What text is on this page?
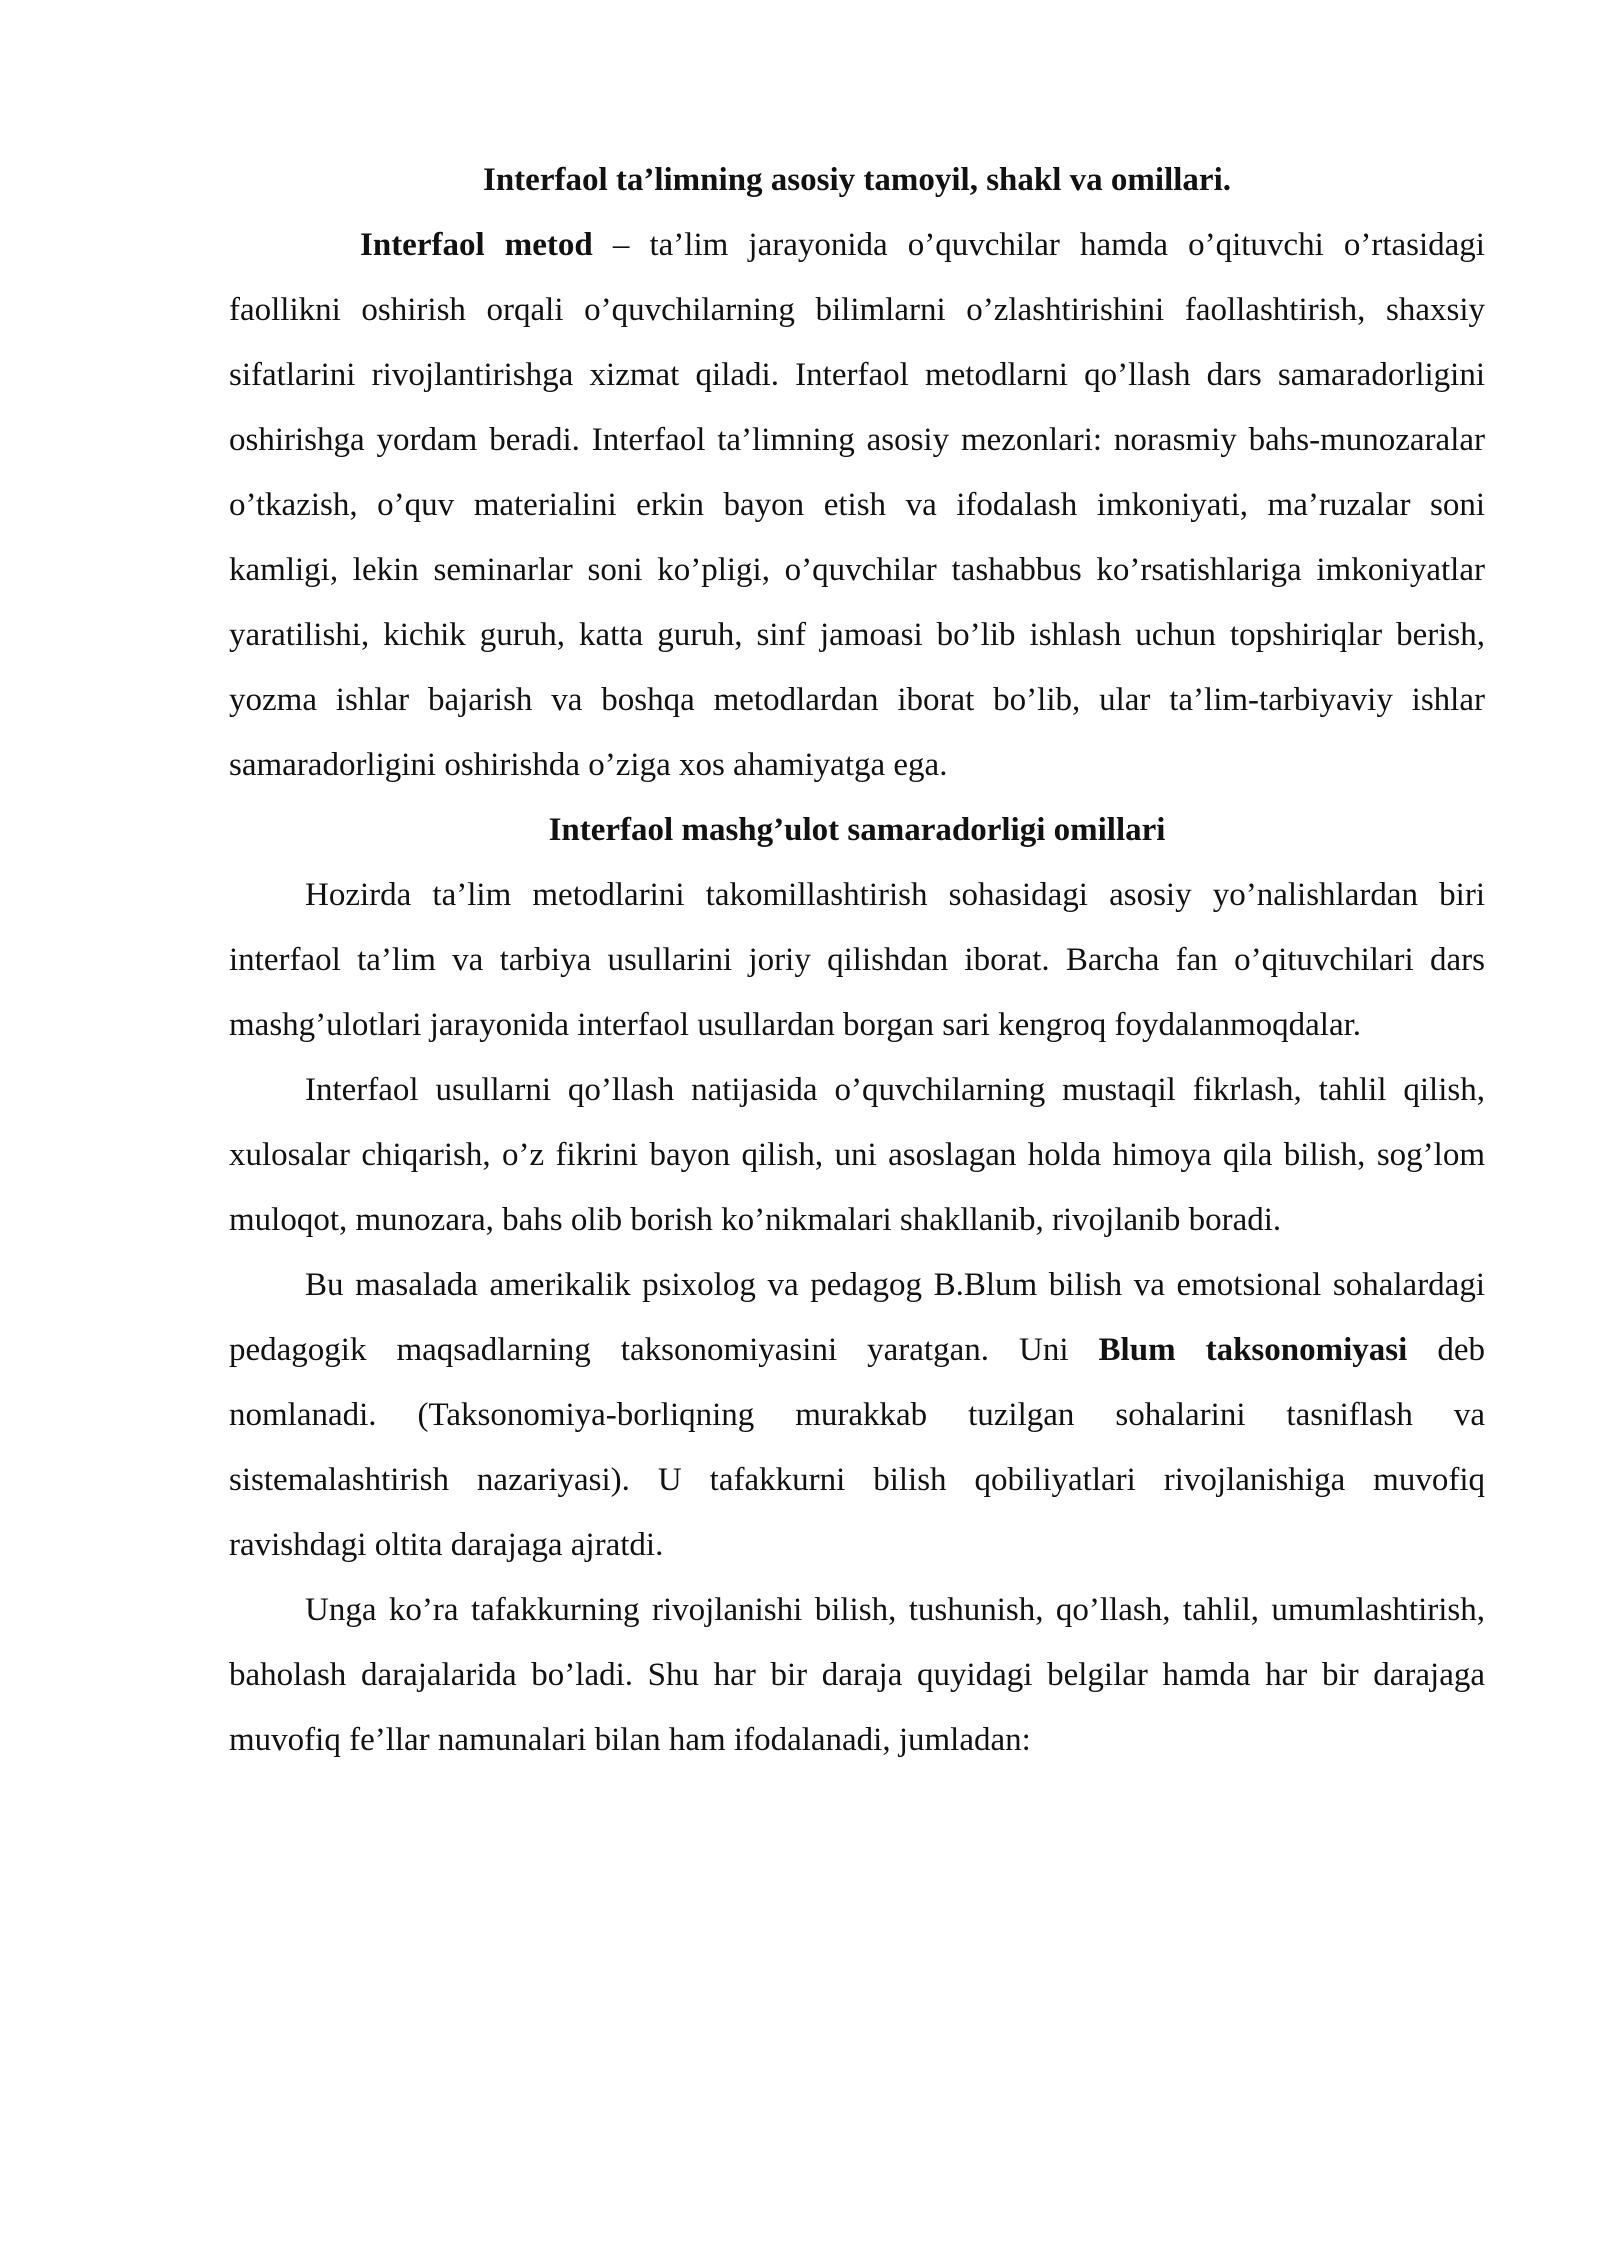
Interfaol ta’limning asosiy tamoyil, shakl va omillari.

Interfaol metod – ta’lim jarayonida o’quvchilar hamda o’qituvchi o’rtasidagi faollikni oshirish orqali o’quvchilarning bilimlarni o’zlashtirishini faollashtirish, shaxsiy sifatlarini rivojlantirishga xizmat qiladi. Interfaol metodlarni qo’llash dars samaradorligini oshirishga yordam beradi. Interfaol ta’limning asosiy mezonlari: norasmiy bahs-munozaralar o’tkazish, o’quv materialini erkin bayon etish va ifodalash imkoniyati, ma’ruzalar soni kamligi, lekin seminarlar soni ko’pligi, o’quvchilar tashabbus ko’rsatishlariga imkoniyatlar yaratilishi, kichik guruh, katta guruh, sinf jamoasi bo’lib ishlash uchun topshiriqlar berish, yozma ishlar bajarish va boshqa metodlardan iborat bo’lib, ular ta’lim-tarbiyaviy ishlar samaradorligini oshirishda o’ziga xos ahamiyatga ega.

Interfaol mashg’ulot samaradorligi omillari

Hozirda ta’lim metodlarini takomillashtirish sohasidagi asosiy yo’nalishlardan biri interfaol ta’lim va tarbiya usullarini joriy qilishdan iborat. Barcha fan o’qituvchilari dars mashg’ulotlari jarayonida interfaol usullardan borgan sari kengroq foydalanmoqdalar.

Interfaol usullarni qo’llash natijasida o’quvchilarning mustaqil fikrlash, tahlil qilish, xulosalar chiqarish, o’z fikrini bayon qilish, uni asoslagan holda himoya qila bilish, sog’lom muloqot, munozara, bahs olib borish ko’nikmalari shakllanib, rivojlanib boradi.

Bu masalada amerikalik psixolog va pedagog B.Blum bilish va emotsional sohalardagi pedagogik maqsadlarning taksonomiyasini yaratgan. Uni Blum taksonomiyasi deb nomlanadi. (Taksonomiya-borliqning murakkab tuzilgan sohalarini tasniflash va sistemalashtirish nazariyasi). U tafakkurni bilish qobiliyatlari rivojlanishiga muvofiq ravishdagi oltita darajaga ajratdi.

Unga ko’ra tafakkurning rivojlanishi bilish, tushunish, qo’llash, tahlil, umumlashtirish, baholash darajalarida bo’ladi. Shu har bir daraja quyidagi belgilar hamda har bir darajaga muvofiq fe’llar namunalari bilan ham ifodalanadi, jumladan:
